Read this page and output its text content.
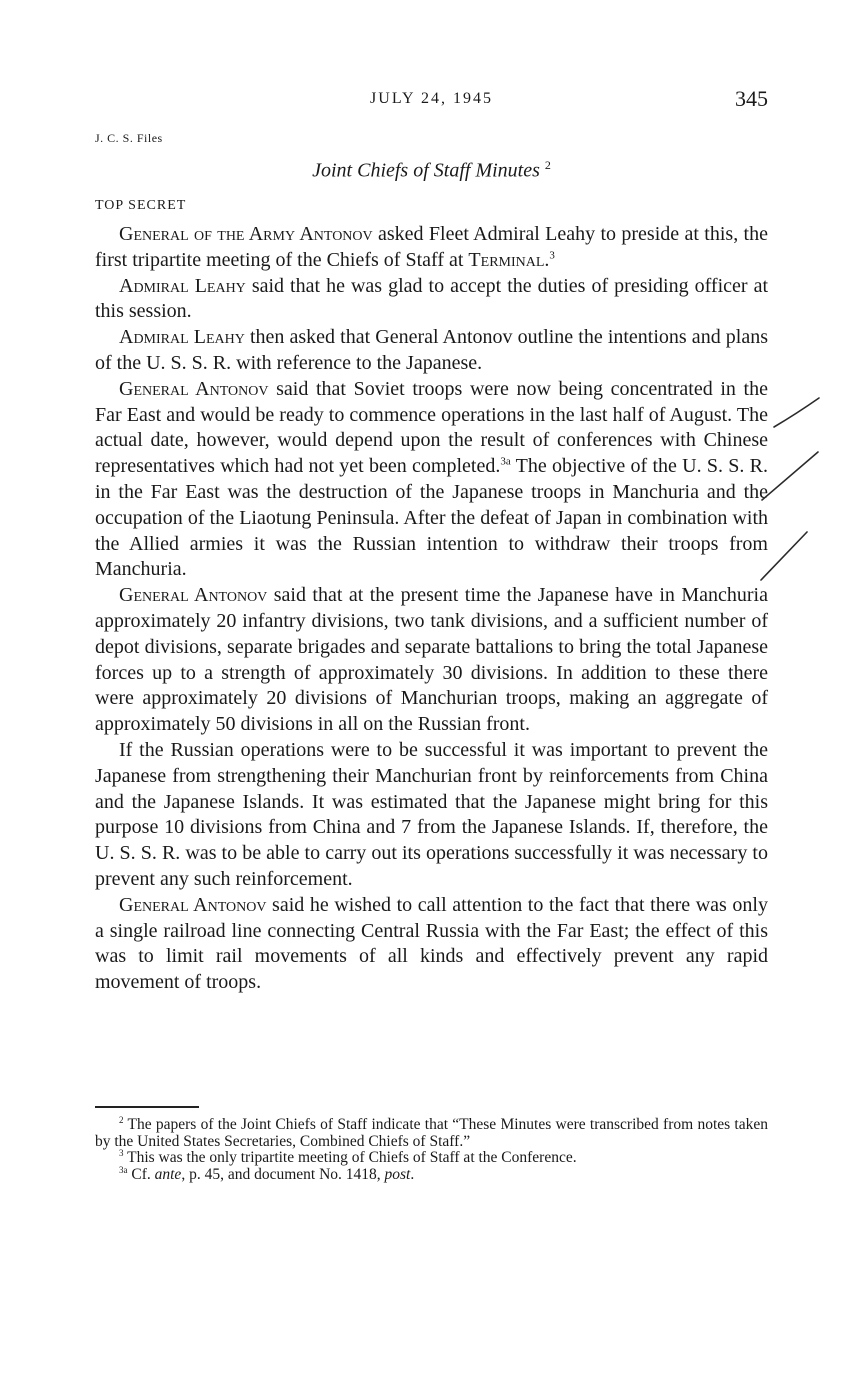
JULY 24, 1945	345
J. C. S. Files
Joint Chiefs of Staff Minutes $^2$
TOP SECRET

General of the Army Antonov asked Fleet Admiral Leahy to preside at this, the first tripartite meeting of the Chiefs of Staff at Terminal.$^3$

Admiral Leahy said that he was glad to accept the duties of presiding officer at this session.

Admiral Leahy then asked that General Antonov outline the intentions and plans of the U. S. S. R. with reference to the Japanese.

General Antonov said that Soviet troops were now being concentrated in the Far East and would be ready to commence operations in the last half of August. The actual date, however, would depend upon the result of conferences with Chinese representatives which had not yet been completed.$^{3a}$ The objective of the U. S. S. R. in the Far East was the destruction of the Japanese troops in Manchuria and the occupation of the Liaotung Peninsula. After the defeat of Japan in combination with the Allied armies it was the Russian intention to withdraw their troops from Manchuria.

General Antonov said that at the present time the Japanese have in Manchuria approximately 20 infantry divisions, two tank divisions, and a sufficient number of depot divisions, separate brigades and separate battalions to bring the total Japanese forces up to a strength of approximately 30 divisions. In addition to these there were approximately 20 divisions of Manchurian troops, making an aggregate of approximately 50 divisions in all on the Russian front.

If the Russian operations were to be successful it was important to prevent the Japanese from strengthening their Manchurian front by reinforcements from China and the Japanese Islands. It was estimated that the Japanese might bring for this purpose 10 divisions from China and 7 from the Japanese Islands. If, therefore, the U. S. S. R. was to be able to carry out its operations successfully it was necessary to prevent any such reinforcement.

General Antonov said he wished to call attention to the fact that there was only a single railroad line connecting Central Russia with the Far East; the effect of this was to limit rail movements of all kinds and effectively prevent any rapid movement of troops.

$^2$ The papers of the Joint Chiefs of Staff indicate that “These Minutes were transcribed from notes taken by the United States Secretaries, Combined Chiefs of Staff.”

$^3$ This was the only tripartite meeting of Chiefs of Staff at the Conference.

$^{3a}$ Cf. ante, p. 45, and document No. 1418, post.
